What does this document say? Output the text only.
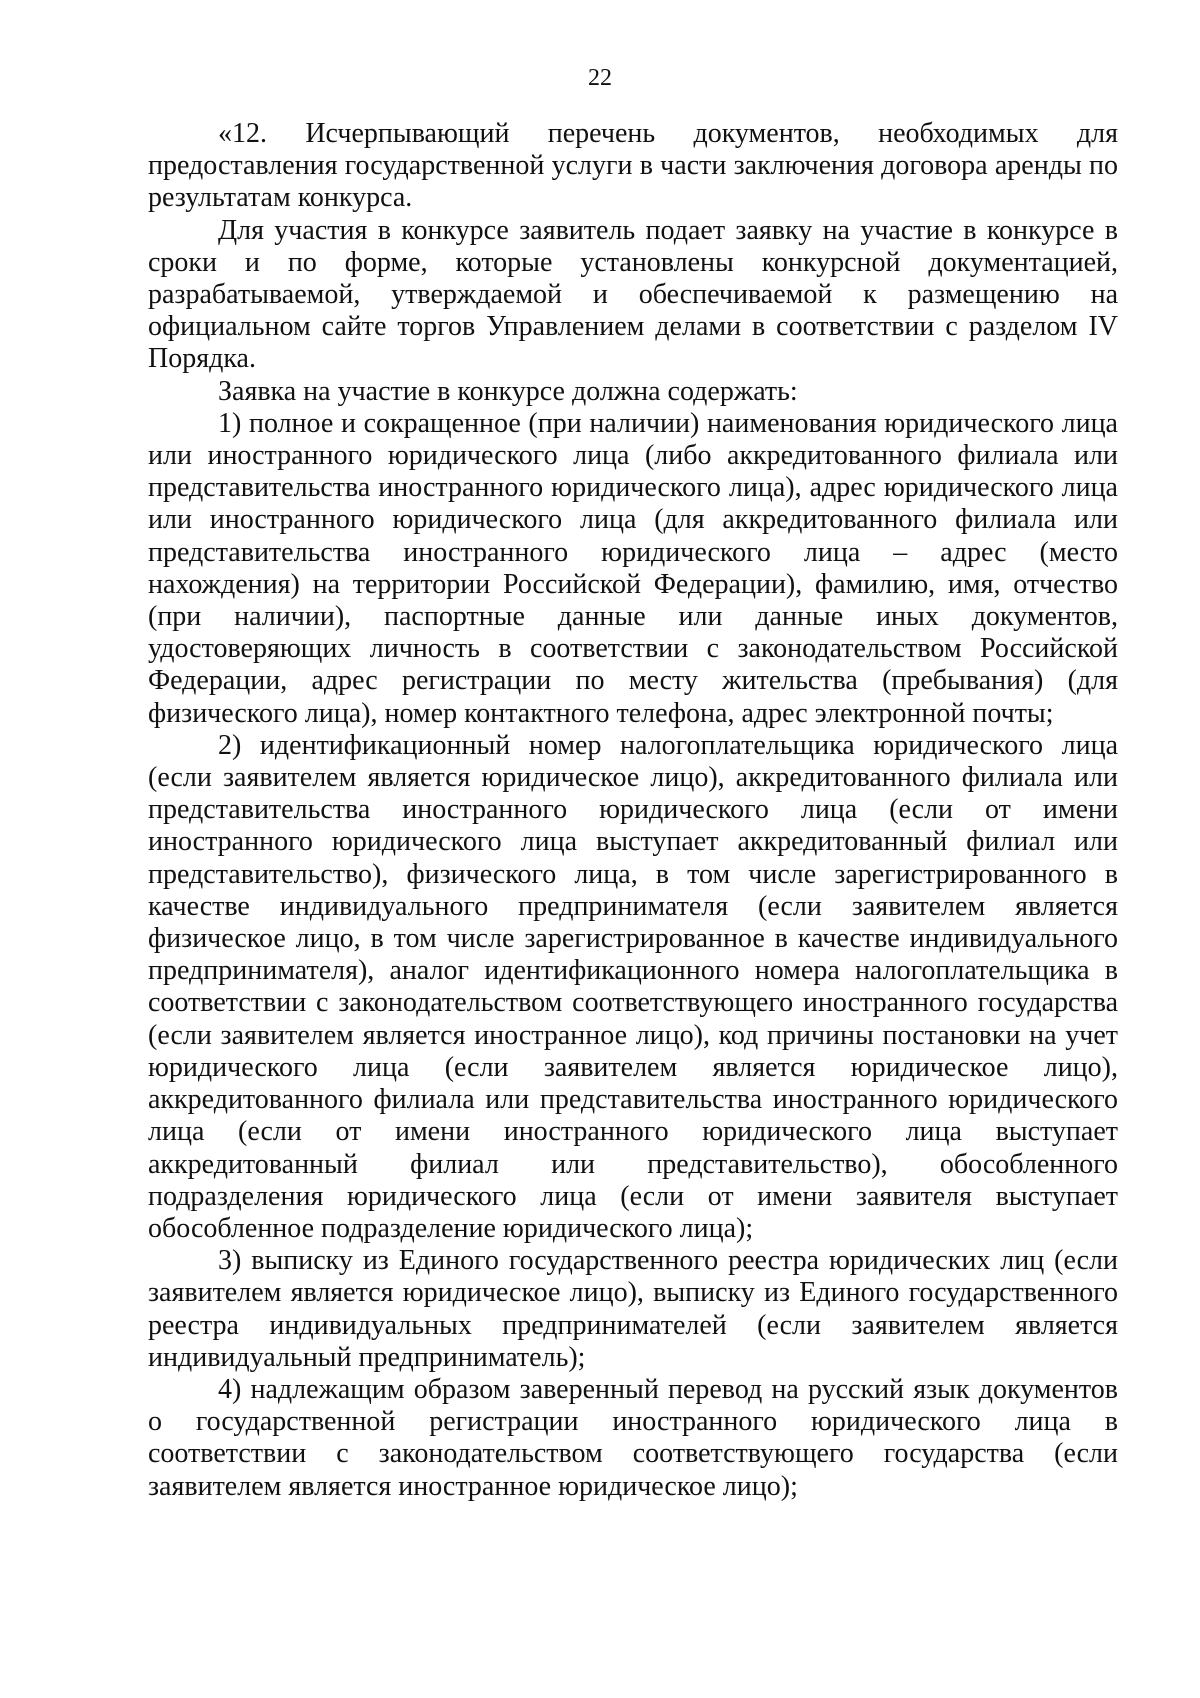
22

«12. Исчерпывающий перечень документов, необходимых для предоставления государственной услуги в части заключения договора аренды по результатам конкурса.

Для участия в конкурсе заявитель подает заявку на участие в конкурсе в сроки и по форме, которые установлены конкурсной документацией, разрабатываемой, утверждаемой и обеспечиваемой к размещению на официальном сайте торгов Управлением делами в соответствии с разделом IV Порядка.

Заявка на участие в конкурсе должна содержать:

1) полное и сокращенное (при наличии) наименования юридического лица или иностранного юридического лица (либо аккредитованного филиала или представительства иностранного юридического лица), адрес юридического лица или иностранного юридического лица (для аккредитованного филиала или представительства иностранного юридического лица – адрес (место нахождения) на территории Российской Федерации), фамилию, имя, отчество (при наличии), паспортные данные или данные иных документов, удостоверяющих личность в соответствии с законодательством Российской Федерации, адрес регистрации по месту жительства (пребывания) (для физического лица), номер контактного телефона, адрес электронной почты;

2) идентификационный номер налогоплательщика юридического лица (если заявителем является юридическое лицо), аккредитованного филиала или представительства иностранного юридического лица (если от имени иностранного юридического лица выступает аккредитованный филиал или представительство), физического лица, в том числе зарегистрированного в качестве индивидуального предпринимателя (если заявителем является физическое лицо, в том числе зарегистрированное в качестве индивидуального предпринимателя), аналог идентификационного номера налогоплательщика в соответствии с законодательством соответствующего иностранного государства (если заявителем является иностранное лицо), код причины постановки на учет юридического лица (если заявителем является юридическое лицо), аккредитованного филиала или представительства иностранного юридического лица (если от имени иностранного юридического лица выступает аккредитованный филиал или представительство), обособленного подразделения юридического лица (если от имени заявителя выступает обособленное подразделение юридического лица);

3) выписку из Единого государственного реестра юридических лиц (если заявителем является юридическое лицо), выписку из Единого государственного реестра индивидуальных предпринимателей (если заявителем является индивидуальный предприниматель);

4) надлежащим образом заверенный перевод на русский язык документов о государственной регистрации иностранного юридического лица в соответствии с законодательством соответствующего государства (если заявителем является иностранное юридическое лицо);
